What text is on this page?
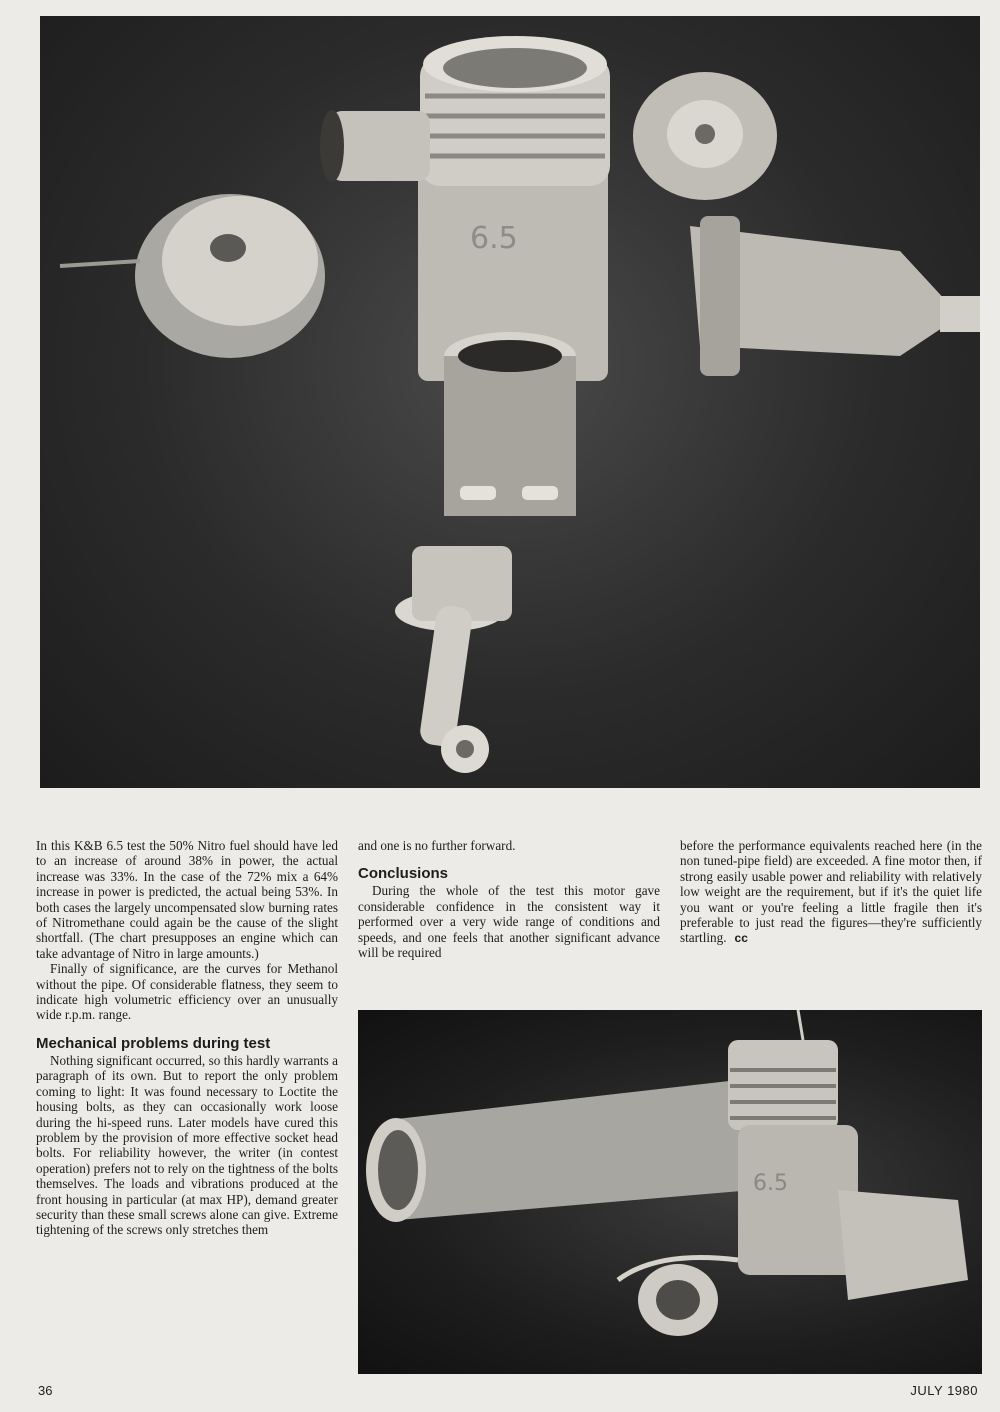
6.5

In this K&B 6.5 test the 50% Nitro fuel should have led to an increase of around 38% in power, the actual increase was 33%. In the case of the 72% mix a 64% increase in power is predicted, the actual being 53%. In both cases the largely uncompensated slow burning rates of Nitromethane could again be the cause of the slight shortfall. (The chart presupposes an engine which can take advantage of Nitro in large amounts.)

Finally of significance, are the curves for Methanol without the pipe. Of considerable flatness, they seem to indicate high volumetric efficiency over an unusually wide r.p.m. range.

Mechanical problems during test

Nothing significant occurred, so this hardly warrants a paragraph of its own. But to report the only problem coming to light: It was found necessary to Loctite the housing bolts, as they can occasionally work loose during the hi-speed runs. Later models have cured this problem by the provision of more effective socket head bolts. For reliability however, the writer (in contest operation) prefers not to rely on the tightness of the bolts themselves. The loads and vibrations produced at the front housing in particular (at max HP), demand greater security than these small screws alone can give. Extreme tightening of the screws only stretches them

and one is no further forward.

Conclusions

During the whole of the test this motor gave considerable confidence in the consistent way it performed over a very wide range of conditions and speeds, and one feels that another significant advance will be required

before the performance equivalents reached here (in the non tuned-pipe field) are exceeded. A fine motor then, if strong easily usable power and reliability with relatively low weight are the requirement, but if it's the quiet life you want or you're feeling a little fragile then it's preferable to just read the figures—they're sufficiently startling. cc

6.5
36	JULY 1980
